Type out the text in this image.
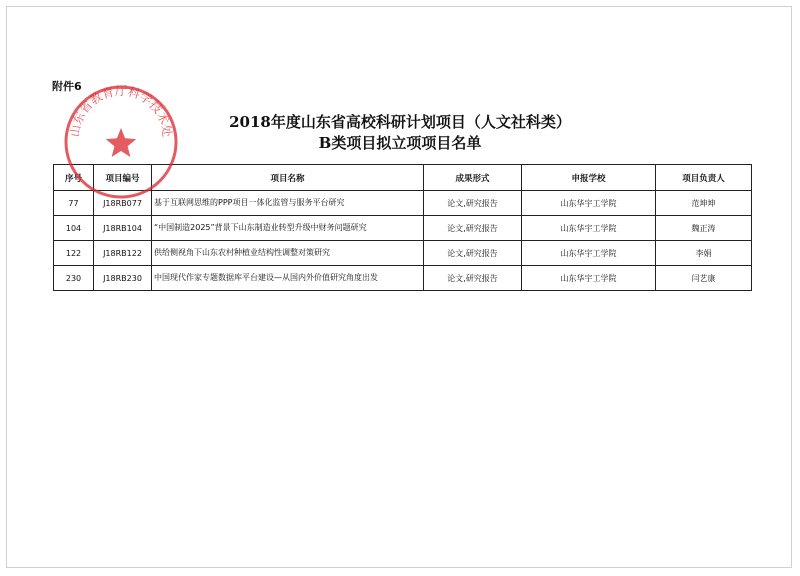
附件6
2018年度山东省高校科研计划项目（人文社科类）
B类项目拟立项项目名单
序号	项目编号	项目名称	成果形式	申报学校	项目负责人
77	J18RB077	基于互联网思维的PPP项目一体化监管与服务平台研究	论文,研究报告	山东华宇工学院	范坤坤
104	J18RB104	“中国制造2025”背景下山东制造业转型升级中财务问题研究	论文,研究报告	山东华宇工学院	魏正涛
122	J18RB122	供给侧视角下山东农村种植业结构性调整对策研究	论文,研究报告	山东华宇工学院	李娟
230	J18RB230	中国现代作家专题数据库平台建设—从国内外价值研究角度出发	论文,研究报告	山东华宇工学院	闫艺康
山东省教育厅科学技术处
